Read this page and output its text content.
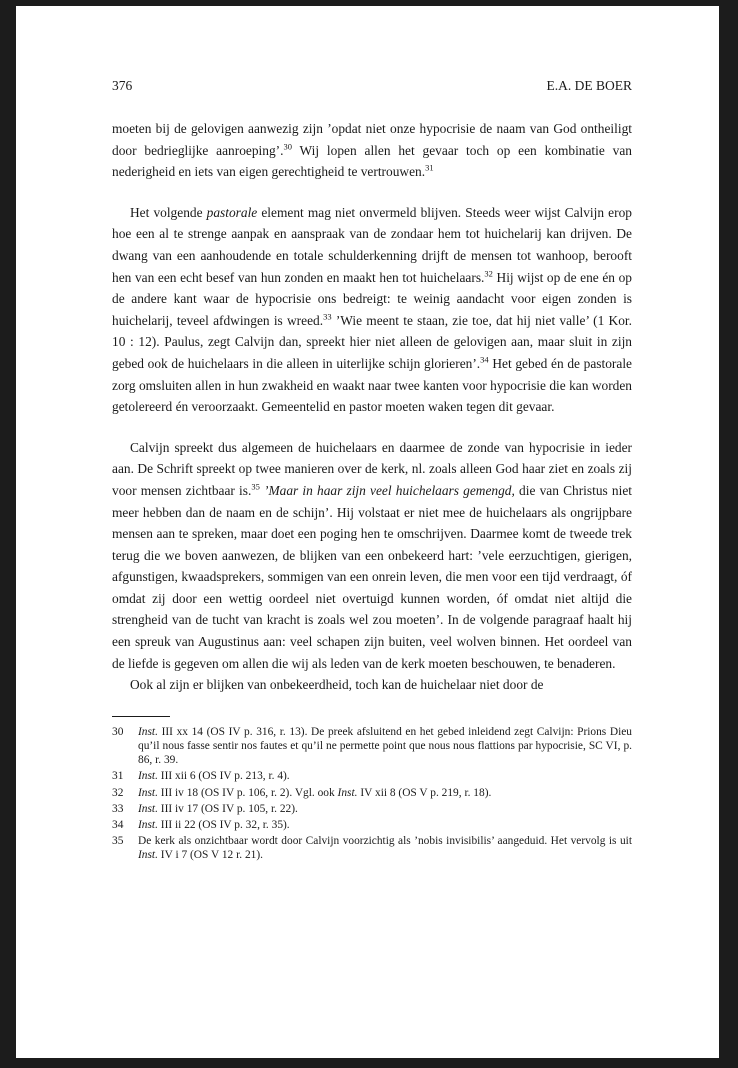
376	E.A. DE BOER

moeten bij de gelovigen aanwezig zijn ’opdat niet onze hypocrisie de naam van God ontheiligt door bedrieglijke aanroeping’.$^{30}$ Wij lopen allen het gevaar toch op een kombinatie van nederigheid en iets van eigen gerechtigheid te vertrouwen.$^{31}$

Het volgende pastorale element mag niet onvermeld blijven. Steeds weer wijst Calvijn erop hoe een al te strenge aanpak en aanspraak van de zondaar hem tot huichelarij kan drijven. De dwang van een aanhoudende en totale schulderkenning drijft de mensen tot wanhoop, berooft hen van een echt besef van hun zonden en maakt hen tot huichelaars.$^{32}$ Hij wijst op de ene én op de andere kant waar de hypocrisie ons bedreigt: te weinig aandacht voor eigen zonden is huichelarij, teveel afdwingen is wreed.$^{33}$ ’Wie meent te staan, zie toe, dat hij niet valle’ (1 Kor. 10 : 12). Paulus, zegt Calvijn dan, spreekt hier niet alleen de gelovigen aan, maar sluit in zijn gebed ook de huichelaars in die alleen in uiterlijke schijn glorieren’.$^{34}$ Het gebed én de pastorale zorg omsluiten allen in hun zwakheid en waakt naar twee kanten voor hypocrisie die kan worden getolereerd én veroorzaakt. Gemeentelid en pastor moeten waken tegen dit gevaar.

Calvijn spreekt dus algemeen de huichelaars en daarmee de zonde van hypocrisie in ieder aan. De Schrift spreekt op twee manieren over de kerk, nl. zoals alleen God haar ziet en zoals zij voor mensen zichtbaar is.$^{35}$ ’Maar in haar zijn veel huichelaars gemengd, die van Christus niet meer hebben dan de naam en de schijn’. Hij volstaat er niet mee de huichelaars als ongrijpbare mensen aan te spreken, maar doet een poging hen te omschrijven. Daarmee komt de tweede trek terug die we boven aanwezen, de blijken van een onbekeerd hart: ’vele eerzuchtigen, gierigen, afgunstigen, kwaadsprekers, sommigen van een onrein leven, die men voor een tijd verdraagt, óf omdat zij door een wettig oordeel niet overtuigd kunnen worden, óf omdat niet altijd die strengheid van de tucht van kracht is zoals wel zou moeten’. In de volgende paragraaf haalt hij een spreuk van Augustinus aan: veel schapen zijn buiten, veel wolven binnen. Het oordeel van de liefde is gegeven om allen die wij als leden van de kerk moeten beschouwen, te benaderen.

Ook al zijn er blijken van onbekeerdheid, toch kan de huichelaar niet door de

30	Inst. III xx 14 (OS IV p. 316, r. 13). De preek afsluitend en het gebed inleidend zegt Calvijn: Prions Dieu qu’il nous fasse sentir nos fautes et qu’il ne permette point que nous nous flattions par hypocrisie, SC VI, p. 86, r. 39.
31	Inst. III xii 6 (OS IV p. 213, r. 4).
32	Inst. III iv 18 (OS IV p. 106, r. 2). Vgl. ook Inst. IV xii 8 (OS V p. 219, r. 18).
33	Inst. III iv 17 (OS IV p. 105, r. 22).
34	Inst. III ii 22 (OS IV p. 32, r. 35).
35	De kerk als onzichtbaar wordt door Calvijn voorzichtig als ’nobis invisibilis’ aangeduid. Het vervolg is uit Inst. IV i 7 (OS V 12 r. 21).
